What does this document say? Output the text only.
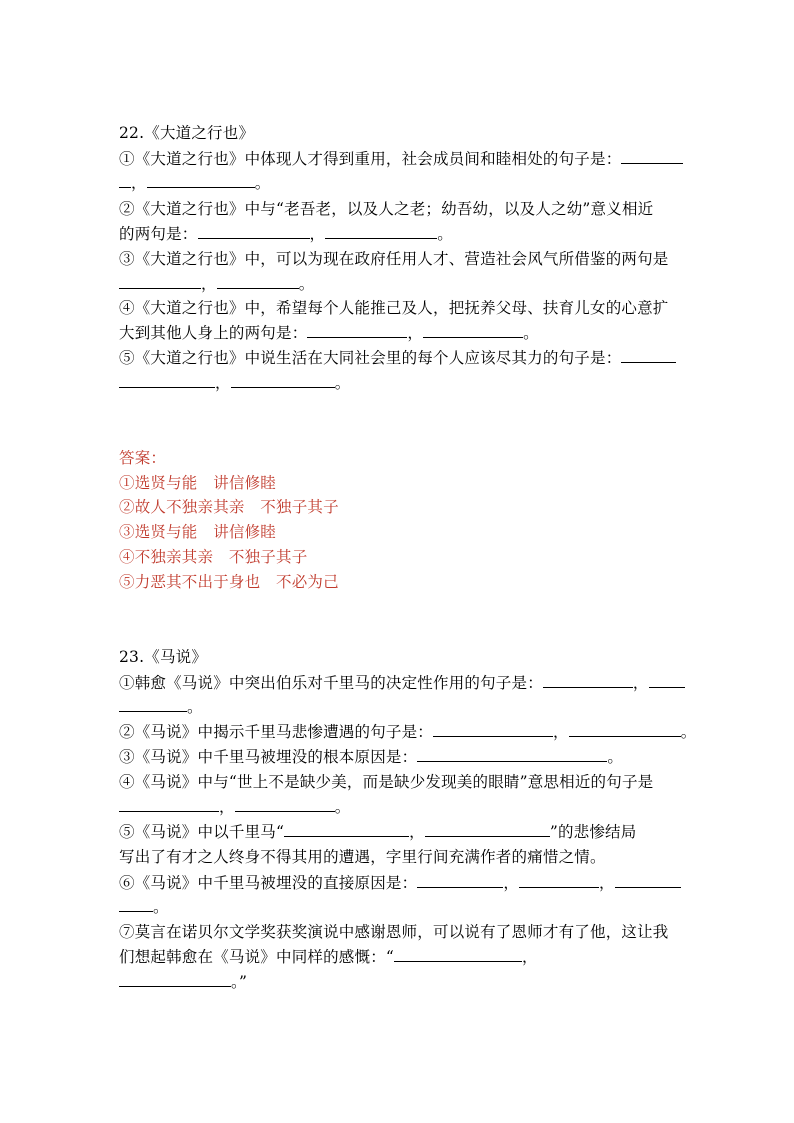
22.《大道之行也》
①《大道之行也》中体现人才得到重用，社会成员间和睦相处的句子是：
，	。
②《大道之行也》中与“老吾老，以及人之老；幼吾幼，以及人之幼”意义相近
的两句是：	，	。
③《大道之行也》中，可以为现在政府任用人才、营造社会风气所借鉴的两句是
，	。
④《大道之行也》中，希望每个人能推己及人，把抚养父母、扶育儿女的心意扩
大到其他人身上的两句是：	，	。
⑤《大道之行也》中说生活在大同社会里的每个人应该尽其力的句子是：
，	。
答案：
①选贤与能　讲信修睦
②故人不独亲其亲　不独子其子
③选贤与能　讲信修睦
④不独亲其亲　不独子其子
⑤力恶其不出于身也　不必为己
23.《马说》
①韩愈《马说》中突出伯乐对千里马的决定性作用的句子是：	，
。
②《马说》中揭示千里马悲惨遭遇的句子是：	，	。
③《马说》中千里马被埋没的根本原因是：	。
④《马说》中与“世上不是缺少美，而是缺少发现美的眼睛”意思相近的句子是
，	。
⑤《马说》中以千里马“	，	”的悲惨结局
写出了有才之人终身不得其用的遭遇，字里行间充满作者的痛惜之情。
⑥《马说》中千里马被埋没的直接原因是：	，	，
。
⑦莫言在诺贝尔文学奖获奖演说中感谢恩师，可以说有了恩师才有了他，这让我
们想起韩愈在《马说》中同样的感慨：“	，
。”
